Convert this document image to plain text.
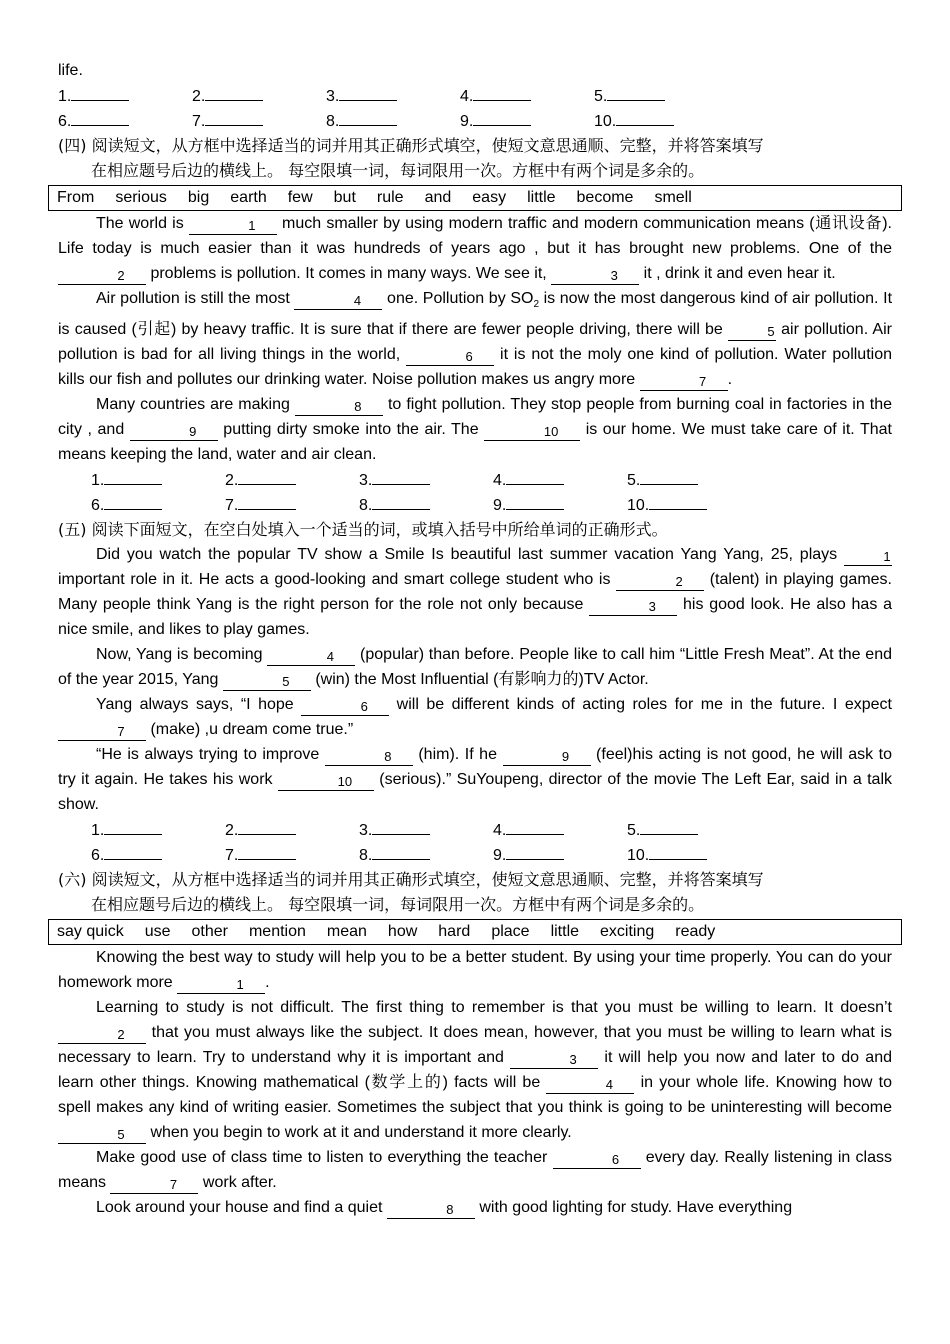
life.
1.	2.	3.	4.	5.
6.	7.	8.	9.	10.
(四) 阅读短文，从方框中选择适当的词并用其正确形式填空，使短文意思通顺、完整，并将答案填写
在相应题号后边的横线上。 每空限填一词，每词限用一次。方框中有两个词是多余的。
From serious big earth few but rule and easy little become smell

The world is	1 much smaller by using modern traffic and modern communication means (通讯设备). Life today is much easier than it was hundreds of years ago , but it has brought new problems. One of the 2 problems is pollution. It comes in many ways. We see it,	3 it , drink it and even hear it.

Air pollution is still the most	4 one. Pollution by $SO_2$ is now the most dangerous kind of air pollution. It is caused (引起) by heavy traffic. It is sure that if there are fewer people driving, there will be	5 air pollution. Air pollution is bad for all living things in the world,	6 it is not the moly one kind of pollution. Water pollution kills our fish and pollutes our drinking water. Noise pollution makes us angry more	7 .

Many countries are making	8 to fight pollution. They stop people from burning coal in factories in the city , and	9 putting dirty smoke into the air. The	10 is our home. We must take care of it. That means keeping the land, water and air clean.

1.	2.	3.	4.	5.
6.	7.	8.	9.	10.
(五) 阅读下面短文，在空白处填入一个适当的词，或填入括号中所给单词的正确形式。

Did you watch the popular TV show a Smile Is beautiful last summer vacation Yang Yang, 25, plays	1 important role in it. He acts a good-looking and smart college student who is	2 (talent) in playing games. Many people think Yang is the right person for the role not only because	3 his good look. He also has a nice smile, and likes to play games.

Now, Yang is becoming	4 (popular) than before. People like to call him “Little Fresh Meat”. At the end of the year 2015, Yang	5 (win) the Most Influential (有影响力的)TV Actor.

Yang always says, “I hope	6 will be different kinds of acting roles for me in the future. I expect 7 (make) ,u dream come true.”

“He is always trying to improve	8 (him). If he	9 (feel)his acting is not good, he will ask to try it again. He takes his work	10 (serious).” SuYoupeng, director of the movie The Left Ear, said in a talk show.

1.	2.	3.	4.	5.
6.	7.	8.	9.	10.
(六) 阅读短文，从方框中选择适当的词并用其正确形式填空，使短文意思通顺、完整，并将答案填写
在相应题号后边的横线上。 每空限填一词，每词限用一次。方框中有两个词是多余的。
say quick use other mention mean how hard place little exciting ready

Knowing the best way to study will help you to be a better student. By using your time properly. You can do your homework more	1 .

Learning to study is not difficult. The first thing to remember is that you must be willing to learn. It doesn’t 2 that you must always like the subject. It does mean, however, that you must be willing to learn what is necessary to learn. Try to understand why it is important and	3 it will help you now and later to do and learn other things. Knowing mathematical (数学上的) facts will be	4 in your whole life. Knowing how to spell makes any kind of writing easier. Sometimes the subject that you think is going to be uninteresting will become 5 when you begin to work at it and understand it more clearly.

Make good use of class time to listen to everything the teacher	6 every day. Really listening in class means	7 work after.

Look around your house and find a quiet	8 with good lighting for study. Have everything
